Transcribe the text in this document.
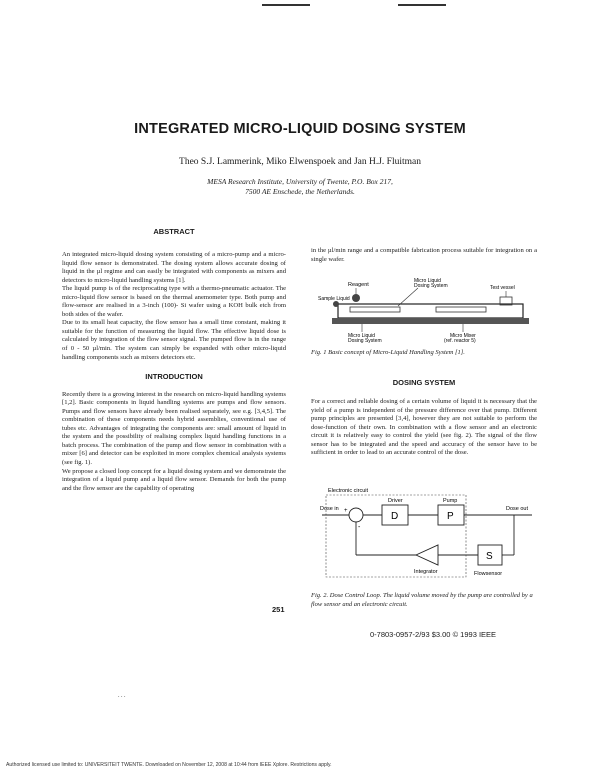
INTEGRATED MICRO-LIQUID DOSING SYSTEM
Theo S.J. Lammerink, Miko Elwenspoek and Jan H.J. Fluitman
MESA Research Institute, University of Twente, P.O. Box 217,
7500 AE Enschede, the Netherlands.
ABSTRACT

An integrated micro-liquid dosing system consisting of a micro-pump and a micro-liquid flow sensor is demonstrated. The dosing system allows accurate dosing of liquid in the µl regime and can easily be integrated with components as mixers and detectors to micro-liquid handling systems [1].

The liquid pump is of the reciprocating type with a thermo-pneumatic actuator. The micro-liquid flow sensor is based on the thermal anemometer type. Both pump and flow-sensor are realised in a 3-inch (100)- Si wafer using a KOH bulk etch from both sides of the wafer.

Due to its small heat capacity, the flow sensor has a small time constant, making it suitable for the function of measuring the liquid flow. The effective liquid dose is calculated by integration of the flow sensor signal. The pumped flow is in the range of 0 - 50 µl/min. The system can simply be expanded with other micro-liquid handling components such as mixers detectors etc.

INTRODUCTION

Recently there is a growing interest in the research on micro-liquid handling systems [1,2]. Basic components in liquid handling systems are pumps and flow sensors. Pumps and flow sensors have already been realised separately, see e.g. [3,4,5]. The combination of these components needs hybrid assemblies, conventional use of tubes etc. Advantages of integrating the components are: small amount of liquid in the system and the possibility of realising complex liquid handling functions in a batch process. The combination of the pump and flow sensor in combination with a mixer [6] and detector can be exploited in more complex chemical analysis systems (see fig. 1).

We propose a closed loop concept for a liquid dosing system and we demonstrate the integration of a liquid pump and a liquid flow sensor. Demands for both the pump and the flow sensor are the capability of operating

in the µl/min range and a compatible fabrication process suitable for integration on a single wafer.
Reagent
Micro Liquid
Dosing System
Sample Liquid
Test vessel
Micro Liquid
Dosing System
Micro Mixer
(ref. reactor 5)
Fig. 1 Basic concept of Micro-Liquid Handling System [1].
DOSING SYSTEM
For a correct and reliable dosing of a certain volume of liquid it is necessary that the yield of a pump is independent of the pressure difference over that pump. Different pump principles are presented [3,4], however they are not suitable to perform the dose-function of their own. In combination with a flow sensor and an electronic circuit it is relatively easy to control the yield (see fig. 2). The signal of the flow sensor has to be integrated and the speed and accuracy of the sensor have to be sufficient in order to lead to an accurate control of the dose.
Dose in	Dose out
Electronic circuit
Driver	Pump
Integrator	Flowsensor
D	P
S
+
-
Fig. 2. Dose Control Loop. The liquid volume moved by the pump are controlled by a flow sensor and an electronic circuit.
251
0-7803-0957-2/93 $3.00 © 1993 IEEE
. . .
Authorized licensed use limited to: UNIVERSITEIT TWENTE. Downloaded on November 12, 2008 at 10:44 from IEEE Xplore. Restrictions apply.
